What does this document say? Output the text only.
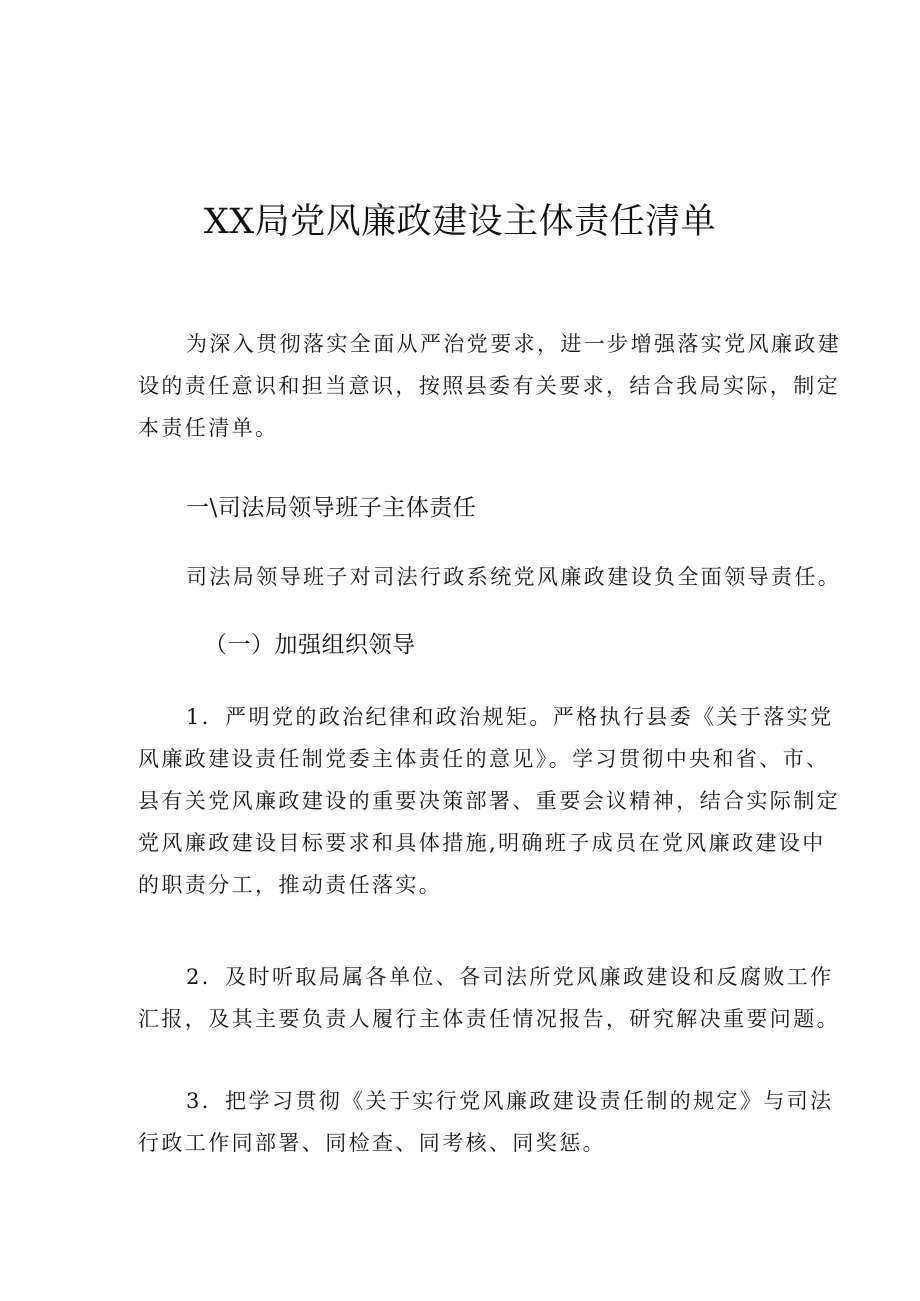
XX局党风廉政建设主体责任清单

为深入贯彻落实全面从严治党要求，进一步增强落实党风廉政建
设的责任意识和担当意识，按照县委有关要求，结合我局实际，制定
本责任清单。

一\司法局领导班子主体责任

司法局领导班子对司法行政系统党风廉政建设负全面领导责任。

（一）加强组织领导

1．严明党的政治纪律和政治规矩。严格执行县委《关于落实党
风廉政建设责任制党委主体责任的意见》。学习贯彻中央和省、市、
县有关党风廉政建设的重要决策部署、重要会议精神，结合实际制定
党风廉政建设目标要求和具体措施,明确班子成员在党风廉政建设中
的职责分工，推动责任落实。

2．及时听取局属各单位、各司法所党风廉政建设和反腐败工作
汇报，及其主要负责人履行主体责任情况报告，研究解决重要问题。

3．把学习贯彻《关于实行党风廉政建设责任制的规定》与司法
行政工作同部署、同检查、同考核、同奖惩。
